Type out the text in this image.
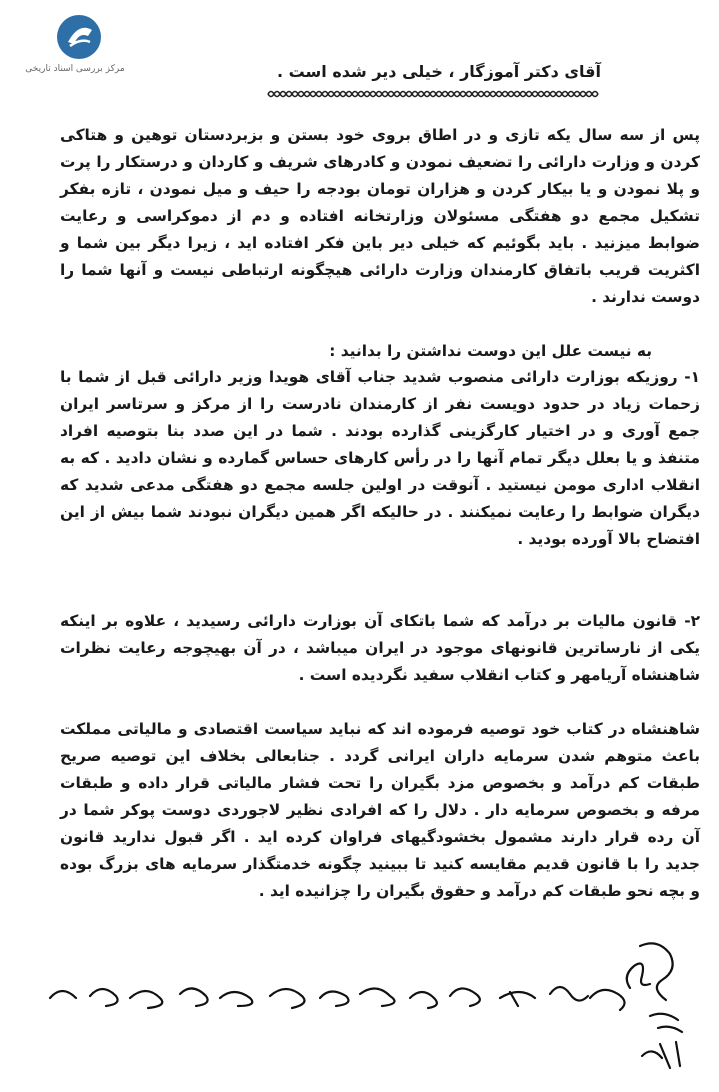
مرکز بررسی اسناد تاریخی	آقای دکتر آموزگار ، خیلی دیر شده است .

پس از سه سال یکه تازی و در اطاق بروی خود بستن و بزبردستان توهین و هتاکی کردن و وزارت دارائی را تضعیف نمودن و کادرهای شریف و کاردان و درستکار را پرت و پلا نمودن و یا بیکار کردن و هزاران تومان بودجه را حیف و میل نمودن ، تازه بفکر تشکیل مجمع دو هفتگی مسئولان وزارتخانه افتاده و دم از دموکراسی و رعایت ضوابط میزنید . باید بگوئیم که خیلی دیر باین فکر افتاده اید ، زیرا دیگر بین شما و اکثریت قریب باتفاق کارمندان وزارت دارائی هیچگونه ارتباطی نیست و آنها شما را دوست ندارند .

به نیست علل این دوست نداشتن را بدانید :

۱- روزیکه بوزارت دارائی منصوب شدید جناب آقای هویدا وزیر دارائی قبل از شما با زحمات زیاد در حدود دویست نفر از کارمندان نادرست را از مرکز و سرتاسر ایران جمع آوری و در اختیار کارگزینی گذارده بودند . شما در این صدد بنا بتوصیه افراد متنفذ و یا بعلل دیگر تمام آنها را در رأس کارهای حساس گمارده و نشان دادید . که به انقلاب اداری مومن نیستید . آنوقت در اولین جلسه مجمع دو هفتگی مدعی شدید که دیگران ضوابط را رعایت نمیکنند . در حالیکه اگر همین دیگران نبودند شما بیش از این افتضاح بالا آورده بودید .

۲- قانون مالیات بر درآمد که شما باتکای آن بوزارت دارائی رسیدید ، علاوه بر اینکه یکی از نارساترین قانونهای موجود در ایران میباشد ، در آن بهیچوجه رعایت نظرات شاهنشاه آریامهر و کتاب انقلاب سفید نگردیده است .

شاهنشاه در کتاب خود توصیه فرموده اند که نباید سیاست اقتصادی و مالیاتی مملکت باعث متوهم شدن سرمایه داران ایرانی گردد . جنابعالی بخلاف این توصیه صریح طبقات کم درآمد و بخصوص مزد بگیران را تحت فشار مالیاتی قرار داده و طبقات مرفه و بخصوص سرمایه دار . دلال را که افرادی نظیر لاجوردی دوست پوکر شما در آن رده قرار دارند مشمول بخشودگیهای فراوان کرده اید . اگر قبول ندارید قانون جدید را با قانون قدیم مقایسه کنید تا ببینید چگونه خدمتگذار سرمایه های بزرگ بوده و بچه نحو طبقات کم درآمد و حقوق بگیران را چزانیده اید .
